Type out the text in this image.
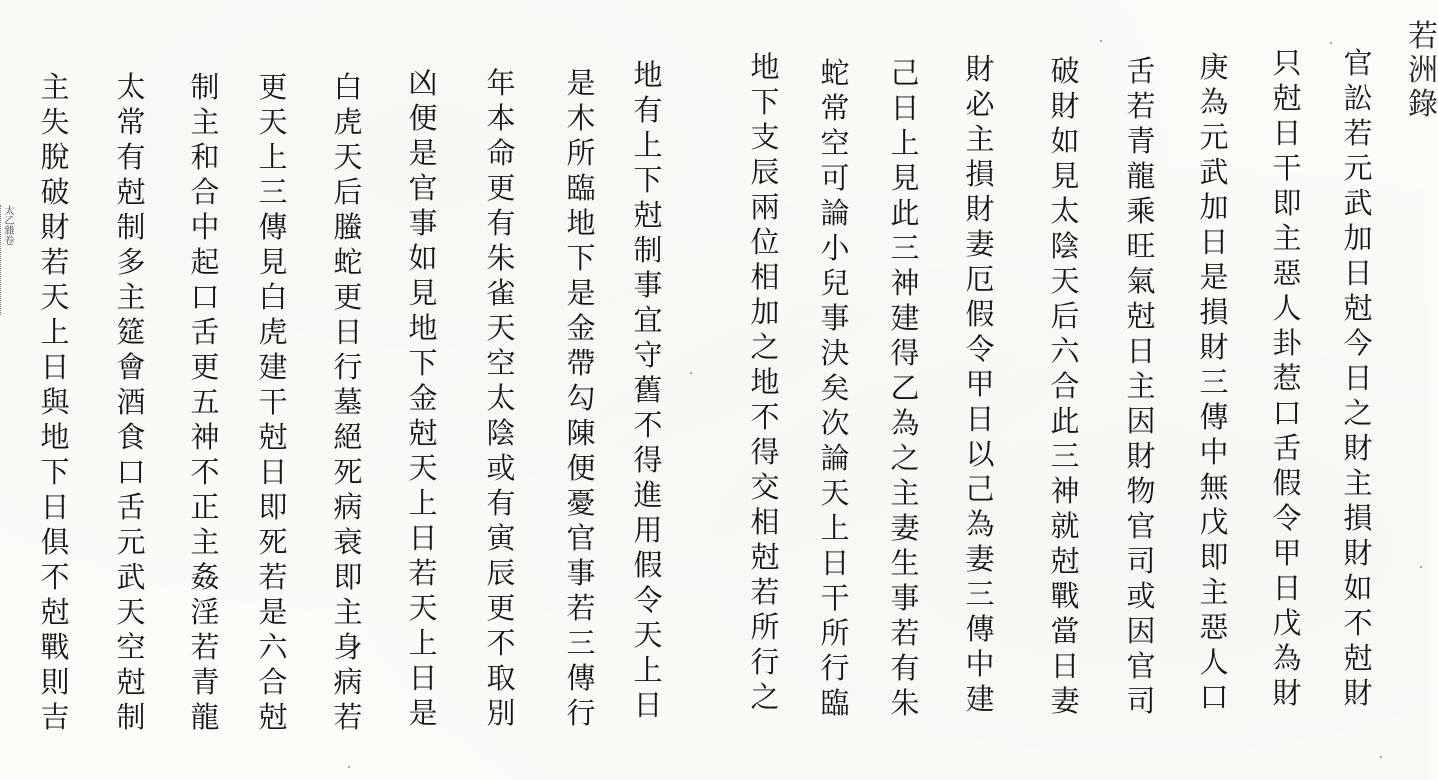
若
洲
錄
太乙雜卷
官
訟
若
元
武
加
日
尅
今
日
之
財
主
損
財
如
不
尅
財
只
尅
日
干
即
主
惡
人
卦
惹
口
舌
假
令
甲
日
戊
為
財
庚
為
元
武
加
日
是
損
財
三
傳
中
無
戊
即
主
惡
人
口
舌
若
青
龍
乘
旺
氣
尅
日
主
因
財
物
官
司
或
因
官
司
破
財
如
見
太
陰
天
后
六
合
此
三
神
就
尅
戰
當
日
妻
財
必
主
損
財
妻
厄
假
令
甲
日
以
己
為
妻
三
傳
中
建
己
日
上
見
此
三
神
建
得
乙
為
之
主
妻
生
事
若
有
朱
蛇
常
空
可
論
小
兒
事
決
矣
次
論
天
上
日
干
所
行
臨
地
下
支
辰
兩
位
相
加
之
地
不
得
交
相
尅
若
所
行
之
地
有
上
下
尅
制
事
宜
守
舊
不
得
進
用
假
令
天
上
日
是
木
所
臨
地
下
是
金
帶
勾
陳
便
憂
官
事
若
三
傳
行
年
本
命
更
有
朱
雀
天
空
太
陰
或
有
寅
辰
更
不
取
別
凶
便
是
官
事
如
見
地
下
金
尅
天
上
日
若
天
上
日
是
白
虎
天
后
螣
蛇
更
日
行
墓
絕
死
病
衰
即
主
身
病
若
更
天
上
三
傳
見
白
虎
建
干
尅
日
即
死
若
是
六
合
尅
制
主
和
合
中
起
口
舌
更
五
神
不
正
主
姦
淫
若
青
龍
太
常
有
尅
制
多
主
筵
會
酒
食
口
舌
元
武
天
空
尅
制
主
失
脫
破
財
若
天
上
日
與
地
下
日
俱
不
尅
戰
則
吉
